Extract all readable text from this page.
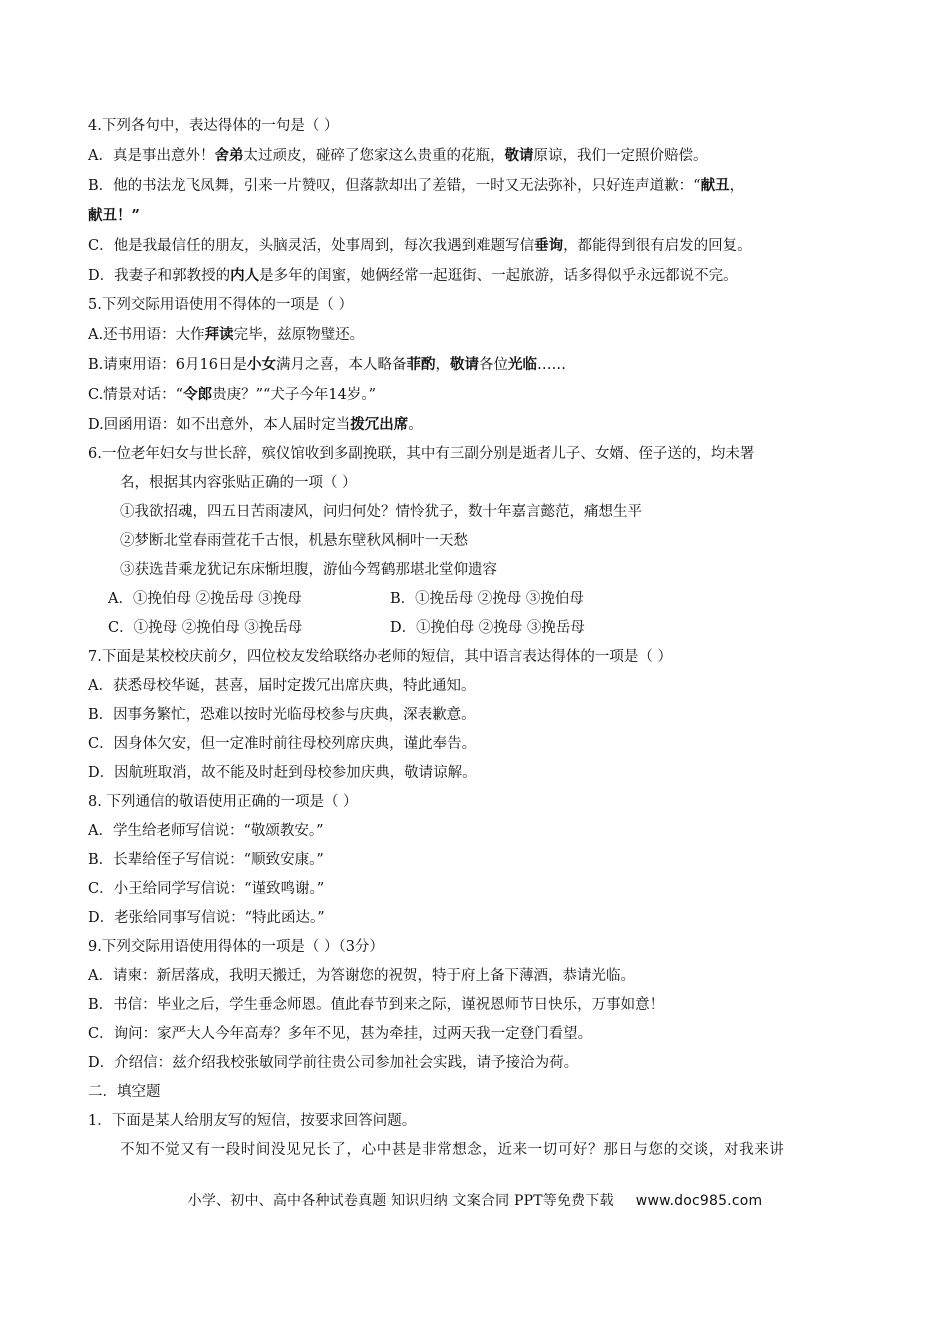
4.下列各句中，表达得体的一句是（ ）
A．真是事出意外！舍弟太过顽皮，碰碎了您家这么贵重的花瓶，敬请原谅，我们一定照价赔偿。
B．他的书法龙飞凤舞，引来一片赞叹，但落款却出了差错，一时又无法弥补，只好连声道歉：“献丑，
献丑！”
C．他是我最信任的朋友，头脑灵活，处事周到，每次我遇到难题写信垂询，都能得到很有启发的回复。
D．我妻子和郭教授的内人是多年的闺蜜，她俩经常一起逛街、一起旅游，话多得似乎永远都说不完。
5.下列交际用语使用不得体的一项是（ ）
A.还书用语：大作拜读完毕，兹原物璧还。
B.请柬用语：6月16日是小女满月之喜，本人略备菲酌，敬请各位光临……
C.情景对话：“令郎贵庚？”“犬子今年14岁。”
D.回函用语：如不出意外，本人届时定当拨冗出席。
6.一位老年妇女与世长辞，殡仪馆收到多副挽联，其中有三副分别是逝者儿子、女婿、侄子送的，均未署
名，根据其内容张贴正确的一项（ ）
①我欲招魂，四五日苦雨凄风，问归何处？情怜犹子，数十年嘉言懿范，痛想生平
②梦断北堂春雨萱花千古恨，机悬东壁秋风桐叶一天愁
③获选昔乘龙犹记东床惭坦腹，游仙今驾鹤那堪北堂仰遗容
A．①挽伯母 ②挽岳母 ③挽母	B．①挽岳母 ②挽母 ③挽伯母
C．①挽母 ②挽伯母 ③挽岳母	D．①挽伯母 ②挽母 ③挽岳母
7.下面是某校校庆前夕，四位校友发给联络办老师的短信，其中语言表达得体的一项是（ ）
A．获悉母校华诞，甚喜，届时定拨冗出席庆典，特此通知。
B．因事务繁忙，恐难以按时光临母校参与庆典，深表歉意。
C．因身体欠安，但一定准时前往母校列席庆典，谨此奉告。
D．因航班取消，故不能及时赶到母校参加庆典，敬请谅解。
8. 下列通信的敬语使用正确的一项是（ ）
A．学生给老师写信说：“敬颂教安。”
B．长辈给侄子写信说：“顺致安康。”
C．小王给同学写信说：“谨致鸣谢。”
D．老张给同事写信说：“特此函达。”
9.下列交际用语使用得体的一项是（ ）（3分）
A．请柬：新居落成，我明天搬迁，为答谢您的祝贺，特于府上备下薄酒，恭请光临。
B．书信：毕业之后，学生垂念师恩。值此春节到来之际，谨祝恩师节日快乐，万事如意！
C．询问：家严大人今年高寿？多年不见，甚为牵挂，过两天我一定登门看望。
D．介绍信：兹介绍我校张敏同学前往贵公司参加社会实践，请予接洽为荷。
二．填空题
1．下面是某人给朋友写的短信，按要求回答问题。
不知不觉又有一段时间没见兄长了，心中甚是非常想念，近来一切可好？那日与您的交谈，对我来讲
小学、初中、高中各种试卷真题 知识归纳 文案合同 PPT等免费下载 www.doc985.com
